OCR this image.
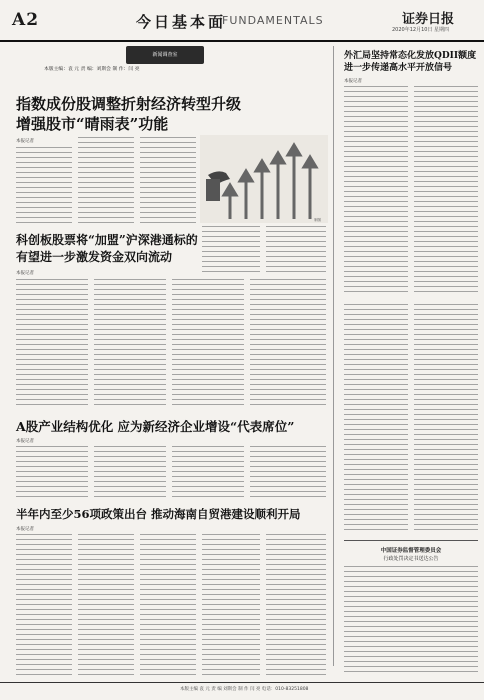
A2	今日基本面
FUNDAMENTALS	证券日报
2020年12月10日 星期四
新闻调查室
本版主编：袁 元 责 编：刘斯会 制 作：闫 亮
指数成份股调整折射经济转型升级
增强股市“晴雨表”功能
本报记者
制图
科创板股票将“加盟”沪深港通标的
有望进一步激发资金双向流动
本报记者
A股产业结构优化 应为新经济企业增设“代表席位”
本报记者
半年内至少56项政策出台 推动海南自贸港建设顺利开局
本报记者
外汇局坚持常态化发放QDII额度
进一步传递高水平开放信号
本报记者
中国证券监督管理委员会
行政处罚决定书送达公告
本版主编 袁 元 责 编 刘斯会 制 作 闫 亮 电话：010-83251808
